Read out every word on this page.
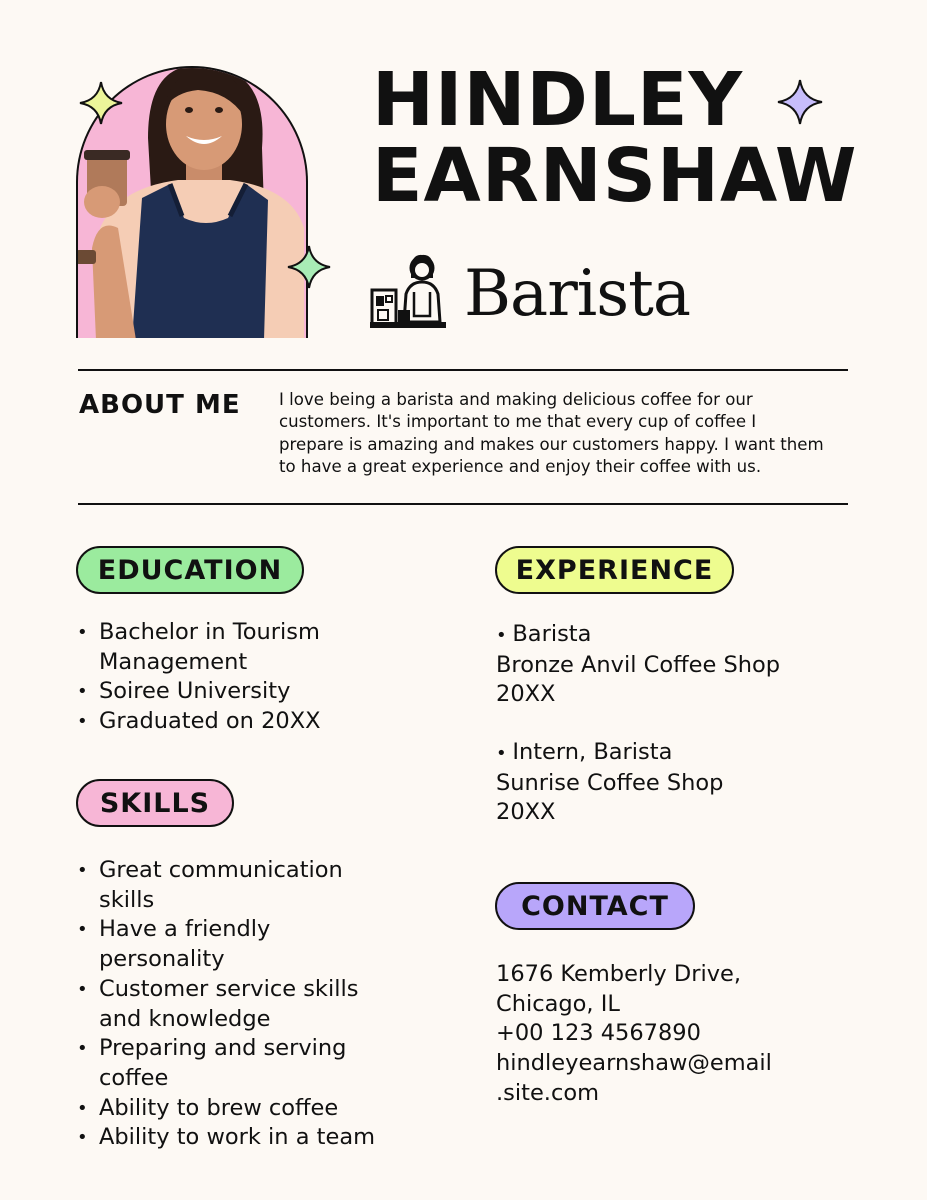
HINDLEY
EARNSHAW
Barista
ABOUT ME I love being a barista and making delicious coffee for our
customers. It's important to me that every cup of coffee I
prepare is amazing and makes our customers happy. I want them
to have a great experience and enjoy their coffee with us.
EDUCATION
• Bachelor in Tourism
Management
• Soiree University
• Graduated on 20XX
SKILLS
• Great communication
skills
• Have a friendly
personality
• Customer service skills
and knowledge
• Preparing and serving
coffee
• Ability to brew coffee
• Ability to work in a team
EXPERIENCE
• Barista
Bronze Anvil Coffee Shop
20XX
• Intern, Barista
Sunrise Coffee Shop
20XX
CONTACT
1676 Kemberly Drive,
Chicago, IL
+00 123 4567890
hindleyearnshaw@email
.site.com
